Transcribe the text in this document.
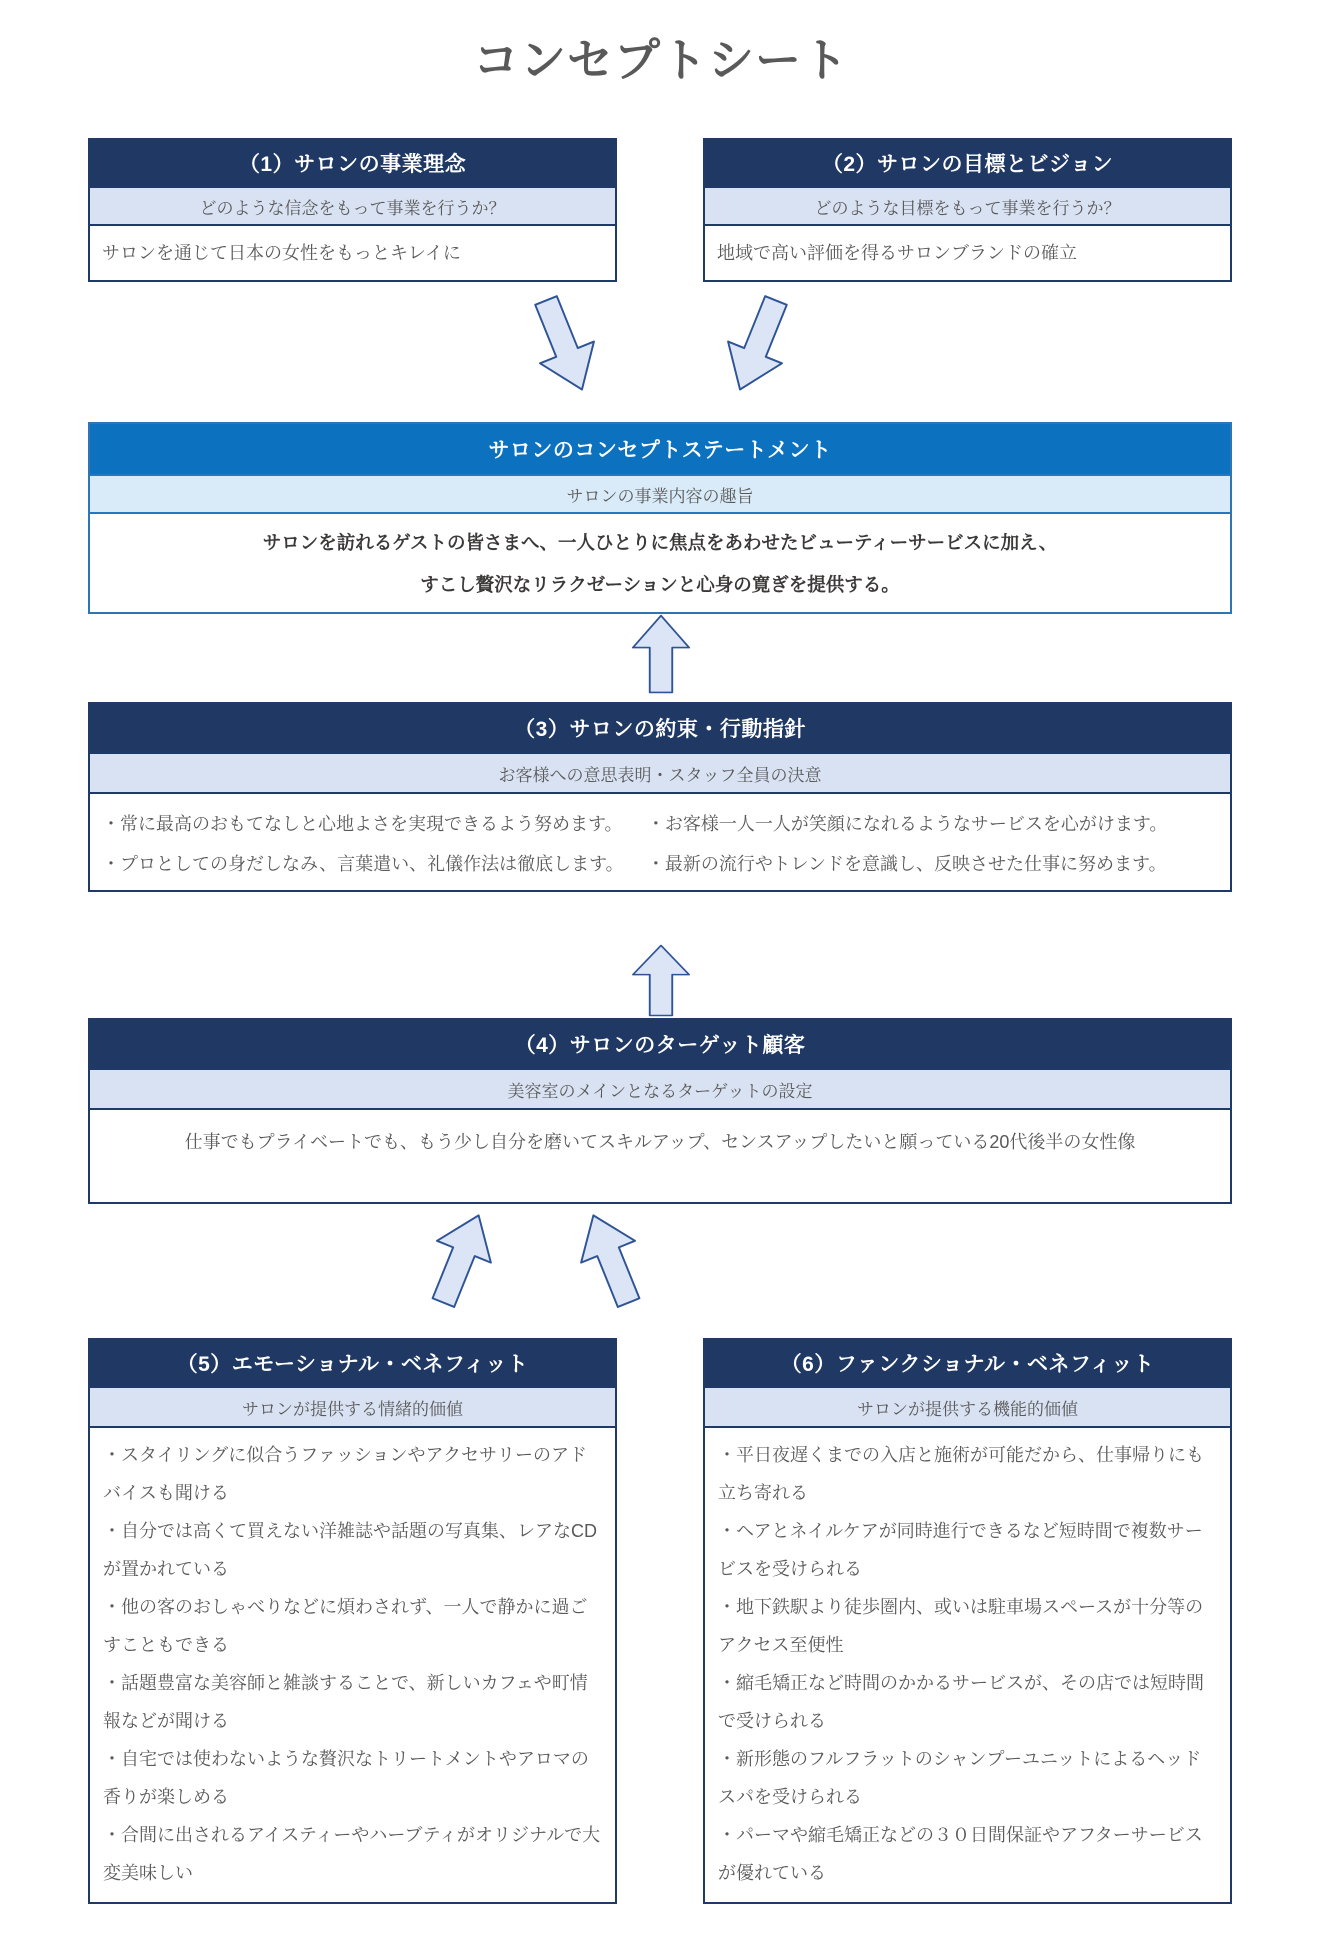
コンセプトシート
（1）サロンの事業理念
どのような信念をもって事業を行うか？
サロンを通じて日本の女性をもっとキレイに
（2）サロンの目標とビジョン
どのような目標をもって事業を行うか？
地域で高い評価を得るサロンブランドの確立
サロンのコンセプトステートメント
サロンの事業内容の趣旨
サロンを訪れるゲストの皆さまへ、一人ひとりに焦点をあわせたビューティーサービスに加え、
すこし贅沢なリラクゼーションと心身の寛ぎを提供する。
（3）サロンの約束・行動指針
お客様への意思表明・スタッフ全員の決意
・常に最高のおもてなしと心地よさを実現できるよう努めます。	・お客様一人一人が笑顔になれるようなサービスを心がけます。
・プロとしての身だしなみ、言葉遣い、礼儀作法は徹底します。	・最新の流行やトレンドを意識し、反映させた仕事に努めます。
（4）サロンのターゲット顧客
美容室のメインとなるターゲットの設定
仕事でもプライベートでも、もう少し自分を磨いてスキルアップ、センスアップしたいと願っている20代後半の女性像
（5）エモーショナル・ベネフィット
サロンが提供する情緒的価値
・スタイリングに似合うファッションやアクセサリーのアドバイスも聞ける
・自分では高くて買えない洋雑誌や話題の写真集、レアなCDが置かれている
・他の客のおしゃべりなどに煩わされず、一人で静かに過ごすこともできる
・話題豊富な美容師と雑談することで、新しいカフェや町情報などが聞ける
・自宅では使わないような贅沢なトリートメントやアロマの香りが楽しめる
・合間に出されるアイスティーやハーブティがオリジナルで大変美味しい
（6）ファンクショナル・ベネフィット
サロンが提供する機能的価値
・平日夜遅くまでの入店と施術が可能だから、仕事帰りにも立ち寄れる
・ヘアとネイルケアが同時進行できるなど短時間で複数サービスを受けられる
・地下鉄駅より徒歩圏内、或いは駐車場スペースが十分等のアクセス至便性
・縮毛矯正など時間のかかるサービスが、その店では短時間で受けられる
・新形態のフルフラットのシャンプーユニットによるヘッドスパを受けられる
・パーマや縮毛矯正などの３０日間保証やアフターサービスが優れている
